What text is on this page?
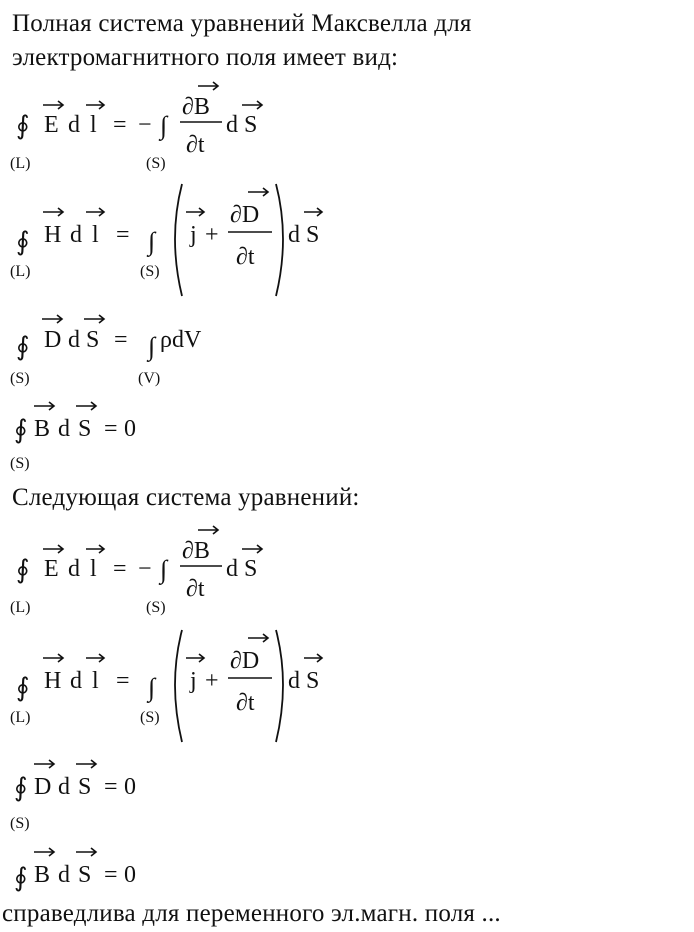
Полная система уравнений Максвелла для
электромагнитного поля имеет вид:
∮
(L)
E d l = − ∫
(S)
∂B
∂t
d S
∮
(L)
H d l = ∫
(S)
j +
∂D
∂t
d S
∮
(S)
D d S = ∫
(V)
ρdV
∮
(S)
B d S = 0
Следующая система уравнений:
∮
(L)
E d l = − ∫
(S)
∂B
∂t
d S
∮
(L)
H d l = ∫
(S)
j +
∂D
∂t
d S
∮
(S)
D d S = 0
∮ B d S = 0
справедлива для переменного эл.магн. поля ...
